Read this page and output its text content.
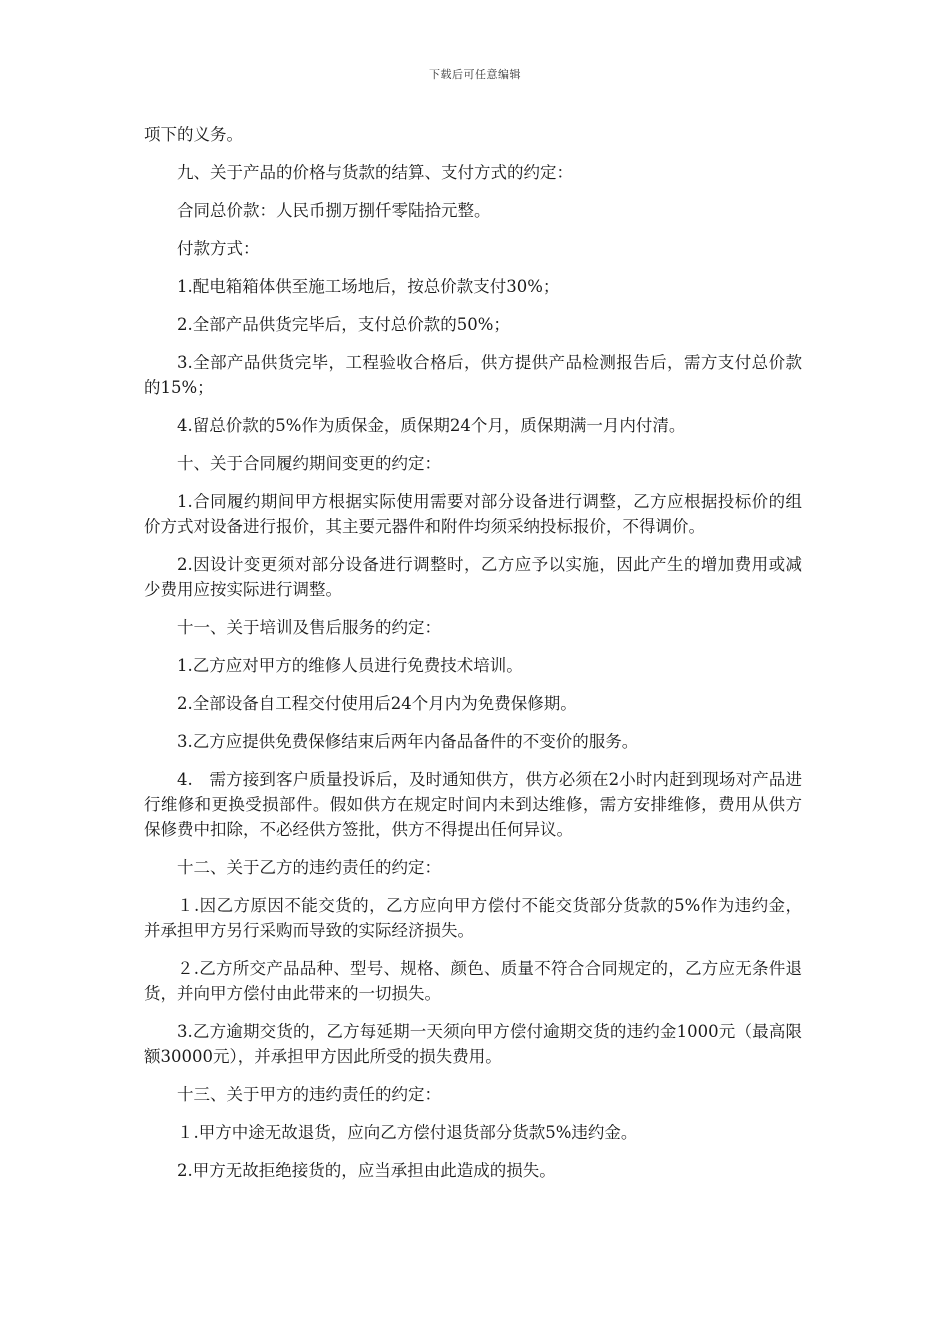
下载后可任意编辑

项下的义务。

九、关于产品的价格与货款的结算、支付方式的约定：

合同总价款：人民币捌万捌仟零陆拾元整。

付款方式：

1.配电箱箱体供至施工场地后，按总价款支付30%；

2.全部产品供货完毕后，支付总价款的50%；

3.全部产品供货完毕，工程验收合格后，供方提供产品检测报告后，需方支付总价款的15%；

4.留总价款的5%作为质保金，质保期24个月，质保期满一月内付清。

十、关于合同履约期间变更的约定：

1.合同履约期间甲方根据实际使用需要对部分设备进行调整，乙方应根据投标价的组价方式对设备进行报价，其主要元器件和附件均须采纳投标报价，不得调价。

2.因设计变更须对部分设备进行调整时，乙方应予以实施，因此产生的增加费用或减少费用应按实际进行调整。

十一、关于培训及售后服务的约定：

1.乙方应对甲方的维修人员进行免费技术培训。

2.全部设备自工程交付使用后24个月内为免费保修期。

3.乙方应提供免费保修结束后两年内备品备件的不变价的服务。

4.　需方接到客户质量投诉后，及时通知供方，供方必须在2小时内赶到现场对产品进行维修和更换受损部件。假如供方在规定时间内未到达维修，需方安排维修，费用从供方保修费中扣除，不必经供方签批，供方不得提出任何异议。

十二、关于乙方的违约责任的约定：

１.因乙方原因不能交货的，乙方应向甲方偿付不能交货部分货款的5%作为违约金，并承担甲方另行采购而导致的实际经济损失。

２.乙方所交产品品种、型号、规格、颜色、质量不符合合同规定的，乙方应无条件退货，并向甲方偿付由此带来的一切损失。

3.乙方逾期交货的，乙方每延期一天须向甲方偿付逾期交货的违约金1000元（最高限额30000元），并承担甲方因此所受的损失费用。

十三、关于甲方的违约责任的约定：

１.甲方中途无故退货，应向乙方偿付退货部分货款5%违约金。

2.甲方无故拒绝接货的，应当承担由此造成的损失。
